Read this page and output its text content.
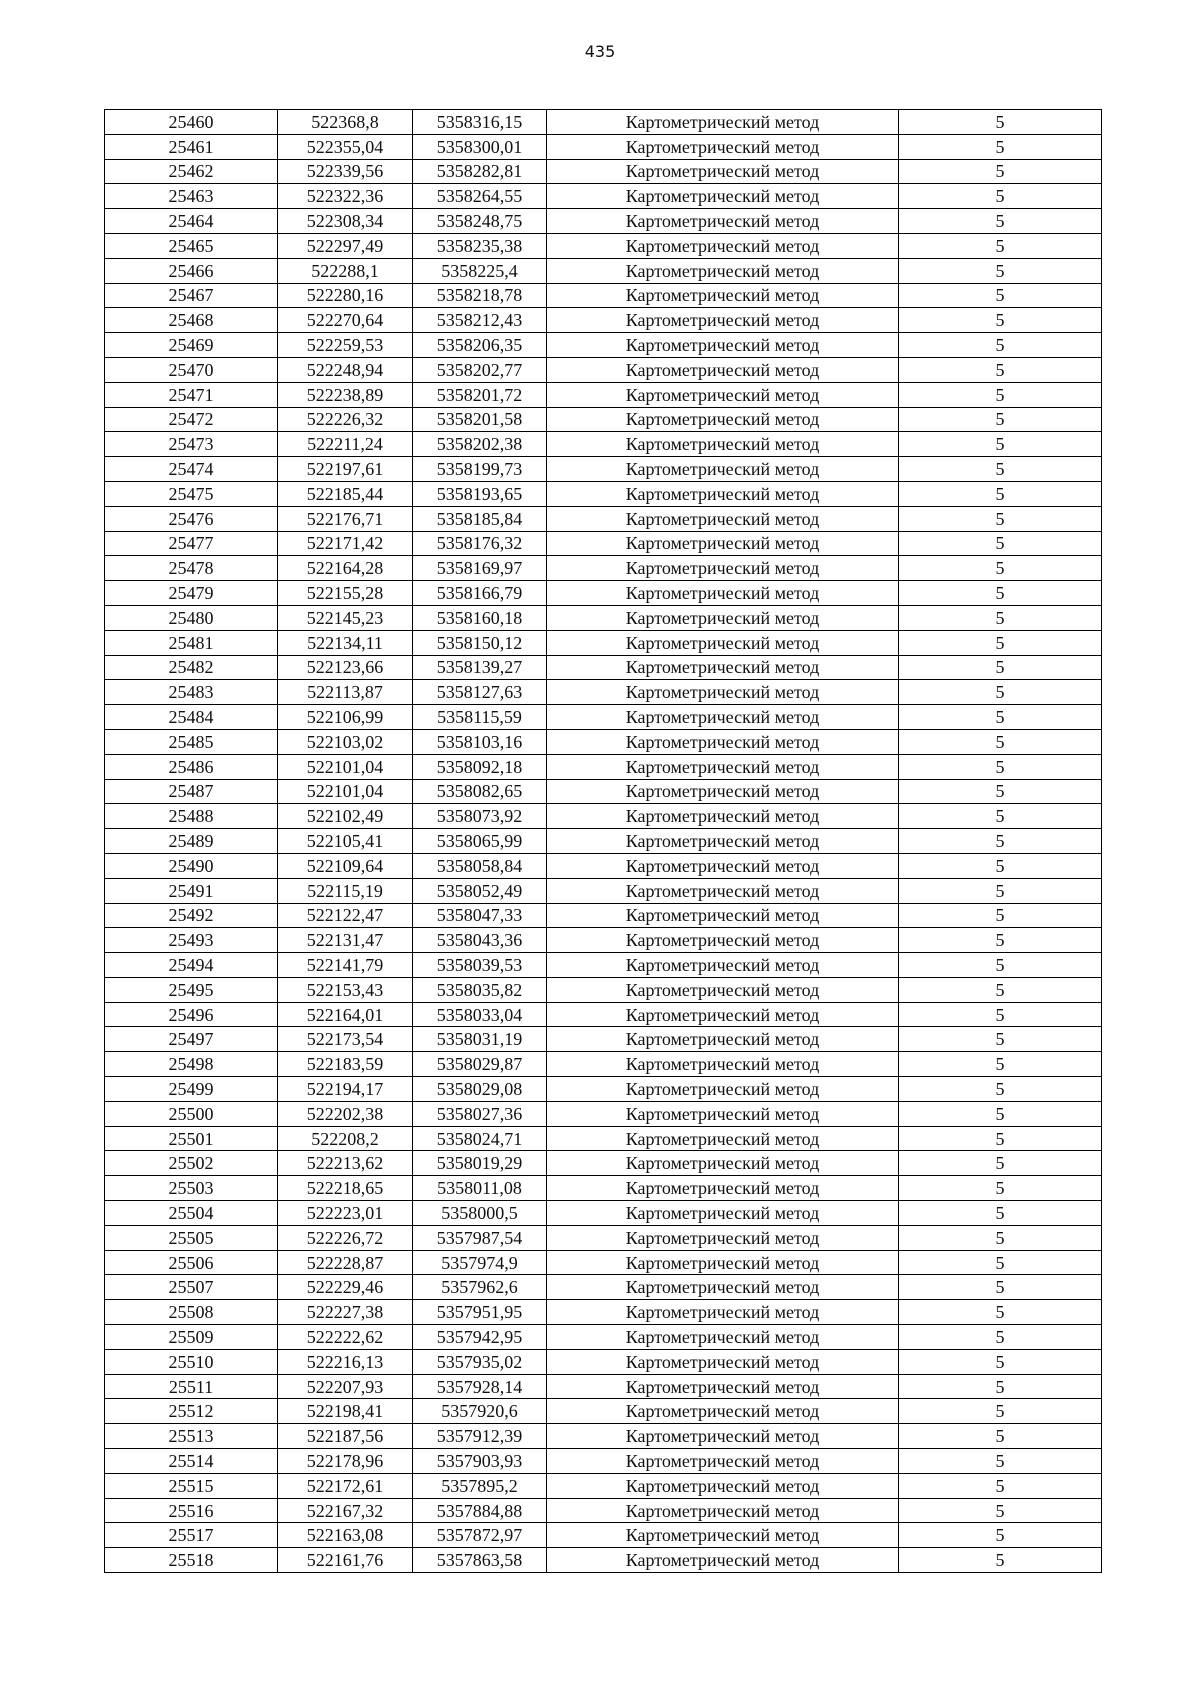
435
25460	522368,8	5358316,15	Картометрический метод	5
25461	522355,04	5358300,01	Картометрический метод	5
25462	522339,56	5358282,81	Картометрический метод	5
25463	522322,36	5358264,55	Картометрический метод	5
25464	522308,34	5358248,75	Картометрический метод	5
25465	522297,49	5358235,38	Картометрический метод	5
25466	522288,1	5358225,4	Картометрический метод	5
25467	522280,16	5358218,78	Картометрический метод	5
25468	522270,64	5358212,43	Картометрический метод	5
25469	522259,53	5358206,35	Картометрический метод	5
25470	522248,94	5358202,77	Картометрический метод	5
25471	522238,89	5358201,72	Картометрический метод	5
25472	522226,32	5358201,58	Картометрический метод	5
25473	522211,24	5358202,38	Картометрический метод	5
25474	522197,61	5358199,73	Картометрический метод	5
25475	522185,44	5358193,65	Картометрический метод	5
25476	522176,71	5358185,84	Картометрический метод	5
25477	522171,42	5358176,32	Картометрический метод	5
25478	522164,28	5358169,97	Картометрический метод	5
25479	522155,28	5358166,79	Картометрический метод	5
25480	522145,23	5358160,18	Картометрический метод	5
25481	522134,11	5358150,12	Картометрический метод	5
25482	522123,66	5358139,27	Картометрический метод	5
25483	522113,87	5358127,63	Картометрический метод	5
25484	522106,99	5358115,59	Картометрический метод	5
25485	522103,02	5358103,16	Картометрический метод	5
25486	522101,04	5358092,18	Картометрический метод	5
25487	522101,04	5358082,65	Картометрический метод	5
25488	522102,49	5358073,92	Картометрический метод	5
25489	522105,41	5358065,99	Картометрический метод	5
25490	522109,64	5358058,84	Картометрический метод	5
25491	522115,19	5358052,49	Картометрический метод	5
25492	522122,47	5358047,33	Картометрический метод	5
25493	522131,47	5358043,36	Картометрический метод	5
25494	522141,79	5358039,53	Картометрический метод	5
25495	522153,43	5358035,82	Картометрический метод	5
25496	522164,01	5358033,04	Картометрический метод	5
25497	522173,54	5358031,19	Картометрический метод	5
25498	522183,59	5358029,87	Картометрический метод	5
25499	522194,17	5358029,08	Картометрический метод	5
25500	522202,38	5358027,36	Картометрический метод	5
25501	522208,2	5358024,71	Картометрический метод	5
25502	522213,62	5358019,29	Картометрический метод	5
25503	522218,65	5358011,08	Картометрический метод	5
25504	522223,01	5358000,5	Картометрический метод	5
25505	522226,72	5357987,54	Картометрический метод	5
25506	522228,87	5357974,9	Картометрический метод	5
25507	522229,46	5357962,6	Картометрический метод	5
25508	522227,38	5357951,95	Картометрический метод	5
25509	522222,62	5357942,95	Картометрический метод	5
25510	522216,13	5357935,02	Картометрический метод	5
25511	522207,93	5357928,14	Картометрический метод	5
25512	522198,41	5357920,6	Картометрический метод	5
25513	522187,56	5357912,39	Картометрический метод	5
25514	522178,96	5357903,93	Картометрический метод	5
25515	522172,61	5357895,2	Картометрический метод	5
25516	522167,32	5357884,88	Картометрический метод	5
25517	522163,08	5357872,97	Картометрический метод	5
25518	522161,76	5357863,58	Картометрический метод	5
